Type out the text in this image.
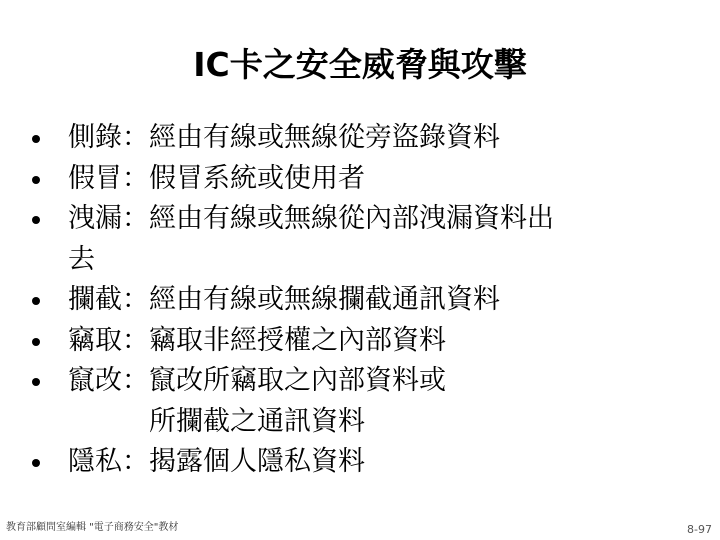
IC卡之安全威脅與攻擊
側錄：經由有線或無線從旁盜錄資料
假冒：假冒系統或使用者
洩漏：經由有線或無線從內部洩漏資料出
去
攔截：經由有線或無線攔截通訊資料
竊取：竊取非經授權之內部資料
竄改：竄改所竊取之內部資料或
　　　所攔截之通訊資料
隱私：揭露個人隱私資料
教育部顧問室編輯 "電子商務安全"教材	8-97
